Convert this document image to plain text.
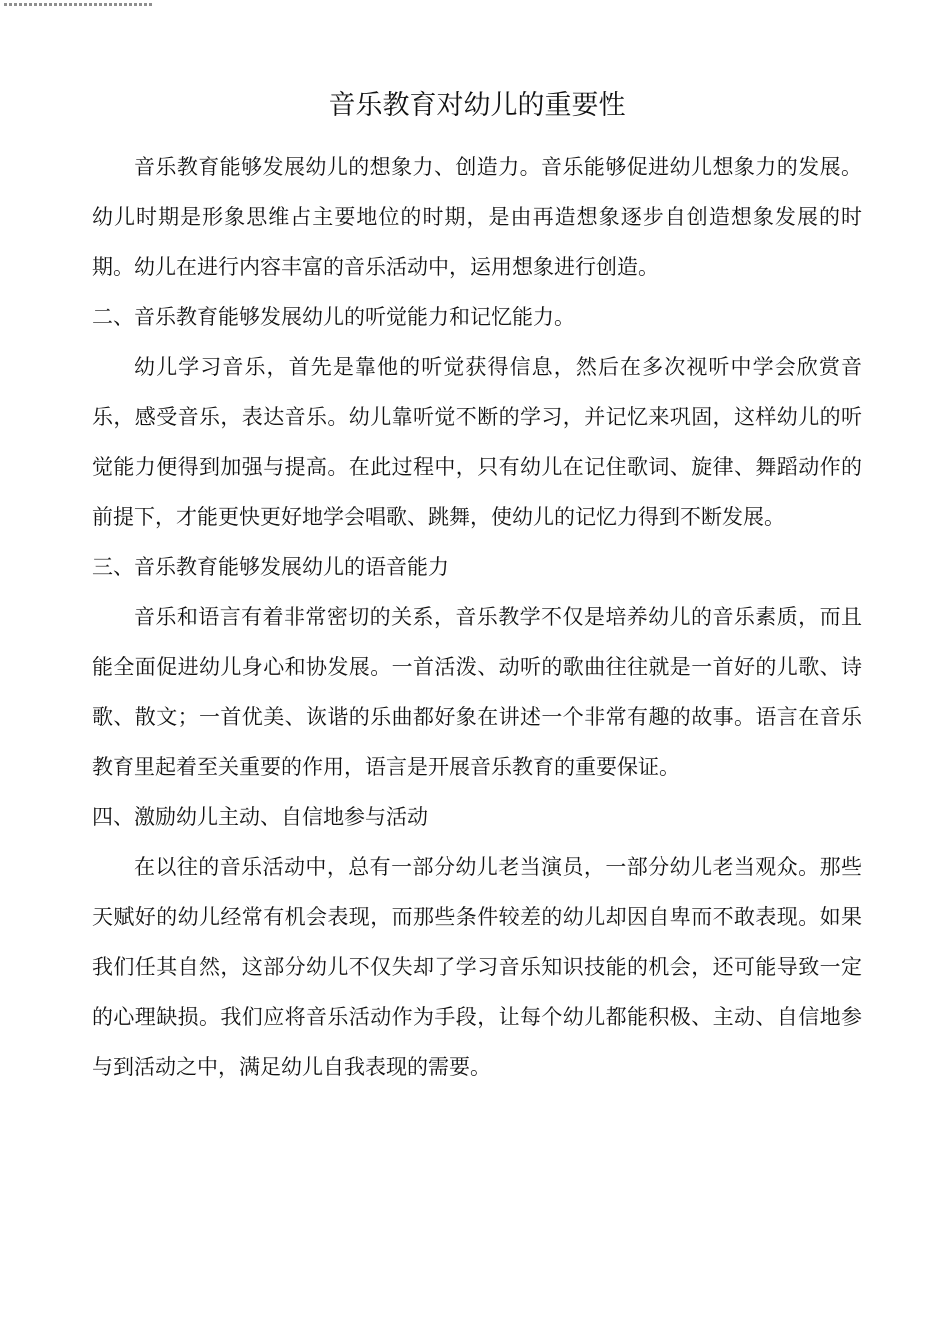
音乐教育对幼儿的重要性

音乐教育能够发展幼儿的想象力、创造力。音乐能够促进幼儿想象力的发展。幼儿时期是形象思维占主要地位的时期，是由再造想象逐步自创造想象发展的时期。幼儿在进行内容丰富的音乐活动中，运用想象进行创造。

二、音乐教育能够发展幼儿的听觉能力和记忆能力。

幼儿学习音乐，首先是靠他的听觉获得信息，然后在多次视听中学会欣赏音乐，感受音乐，表达音乐。幼儿靠听觉不断的学习，并记忆来巩固，这样幼儿的听觉能力便得到加强与提高。在此过程中，只有幼儿在记住歌词、旋律、舞蹈动作的前提下，才能更快更好地学会唱歌、跳舞，使幼儿的记忆力得到不断发展。

三、音乐教育能够发展幼儿的语音能力

音乐和语言有着非常密切的关系，音乐教学不仅是培养幼儿的音乐素质，而且能全面促进幼儿身心和协发展。一首活泼、动听的歌曲往往就是一首好的儿歌、诗歌、散文；一首优美、诙谐的乐曲都好象在讲述一个非常有趣的故事。语言在音乐教育里起着至关重要的作用，语言是开展音乐教育的重要保证。

四、激励幼儿主动、自信地参与活动

在以往的音乐活动中，总有一部分幼儿老当演员，一部分幼儿老当观众。那些天赋好的幼儿经常有机会表现，而那些条件较差的幼儿却因自卑而不敢表现。如果我们任其自然，这部分幼儿不仅失却了学习音乐知识技能的机会，还可能导致一定的心理缺损。我们应将音乐活动作为手段，让每个幼儿都能积极、主动、自信地参与到活动之中，满足幼儿自我表现的需要。
